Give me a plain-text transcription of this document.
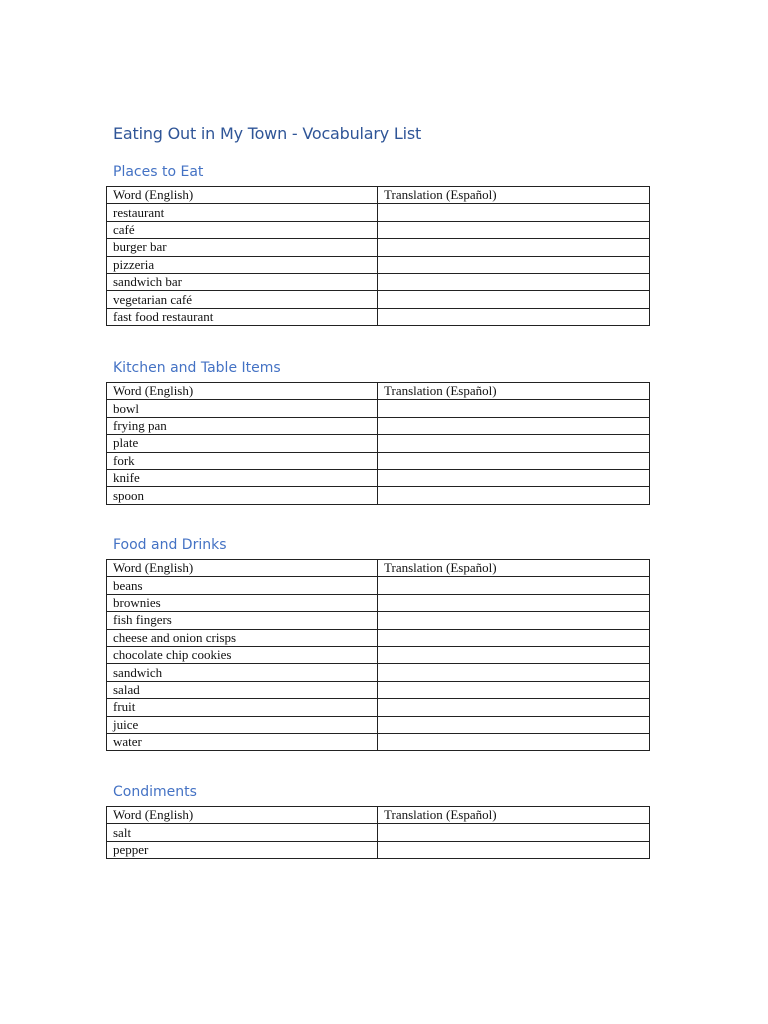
Eating Out in My Town - Vocabulary List
Places to Eat
Word (English)	Translation (Español)
restaurant	
café	
burger bar	
pizzeria	
sandwich bar	
vegetarian café	
fast food restaurant	
Kitchen and Table Items
Word (English)	Translation (Español)
bowl	
frying pan	
plate	
fork	
knife	
spoon	
Food and Drinks
Word (English)	Translation (Español)
beans	
brownies	
fish fingers	
cheese and onion crisps	
chocolate chip cookies	
sandwich	
salad	
fruit	
juice	
water	
Condiments
Word (English)	Translation (Español)
salt	
pepper	
